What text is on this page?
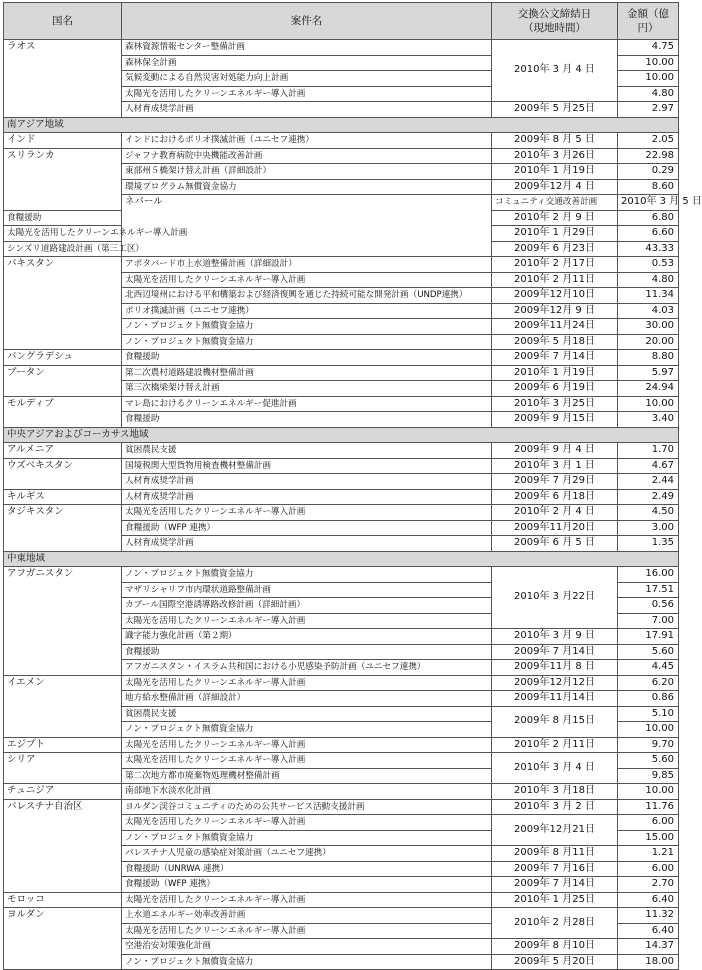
国名	案件名	交換公文締結日
（現地時間）	金額（億円）	
ラオス	森林資源情報センター整備計画	2010年 3 月 4 日	4.75	
	森林保全計画		10.00	
	気候変動による自然災害対処能力向上計画		10.00	
	太陽光を活用したクリーンエネルギー導入計画		4.80	
	人材育成奨学計画	2009年 5 月25日	2.97	
南アジア地域				
インド	インドにおけるポリオ撲滅計画（ユニセフ連携）	2009年 8 月 5 日	2.05	
スリランカ	ジャフナ教育病院中央機能改善計画	2010年 3 月26日	22.98	
	東部州５橋架け替え計画（詳細設計）	2010年 1 月19日	0.29	
	環境プログラム無償資金協力	2009年12月 4 日	8.60	
	ネパール	コミュニティ交通改善計画	2010年 3 月 5 日	
食糧援助		2010年 2 月 9 日	6.80	
太陽光を活用したクリーンエネルギー導入計画		2010年 1 月29日	6.60	
シンズリ道路建設計画（第三工区）		2009年 6 月23日	43.33	
パキスタン	アボタバード市上水道整備計画（詳細設計）	2010年 2 月17日	0.53	
	太陽光を活用したクリーンエネルギー導入計画	2010年 2 月11日	4.80	
	北西辺境州における平和構築および経済復興を通じた持続可能な開発計画（UNDP連携）	2009年12月10日	11.34	
	ポリオ撲滅計画（ユニセフ連携）	2009年12月 9 日	4.03	
	ノン・プロジェクト無償資金協力	2009年11月24日	30.00	
	ノン・プロジェクト無償資金協力	2009年 5 月18日	20.00	
バングラデシュ	食糧援助	2009年 7 月14日	8.80	
ブータン	第二次農村道路建設機材整備計画	2010年 1 月19日	5.97	
	第三次橋梁架け替え計画	2009年 6 月19日	24.94	
モルディブ	マレ島におけるクリーンエネルギー促進計画	2010年 3 月25日	10.00	
	食糧援助	2009年 9 月15日	3.40	
中央アジアおよびコーカサス地域				
アルメニア	貧困農民支援	2009年 9 月 4 日	1.70	
ウズベキスタン	国境税関大型貨物用検査機材整備計画	2010年 3 月 1 日	4.67	
	人材育成奨学計画	2009年 7 月29日	2.44	
キルギス	人材育成奨学計画	2009年 6 月18日	2.49	
タジキスタン	太陽光を活用したクリーンエネルギー導入計画	2010年 2 月 4 日	4.50	
	食糧援助（WFP 連携）	2009年11月20日	3.00	
	人材育成奨学計画	2009年 6 月 5 日	1.35	
中東地域				
アフガニスタン	ノン・プロジェクト無償資金協力	2010年 3 月22日	16.00	
	マザリシャリフ市内環状道路整備計画		17.51	
	カブール国際空港誘導路改修計画（詳細計画）		0.56	
	太陽光を活用したクリーンエネルギー導入計画		7.00	
	識字能力強化計画（第２期）	2010年 3 月 9 日	17.91	
	食糧援助	2009年 7 月14日	5.60	
	アフガニスタン・イスラム共和国における小児感染予防計画（ユニセフ連携）	2009年11月 8 日	4.45	
イエメン	太陽光を活用したクリーンエネルギー導入計画	2009年12月12日	6.20	
	地方給水整備計画（詳細設計）	2009年11月14日	0.86	
	貧困農民支援	2009年 8 月15日	5.10	
	ノン・プロジェクト無償資金協力		10.00	
エジプト	太陽光を活用したクリーンエネルギー導入計画	2010年 2 月11日	9.70	
シリア	太陽光を活用したクリーンエネルギー導入計画	2010年 3 月 4 日	5.60	
	第二次地方都市廃棄物処理機材整備計画		9.85	
チュニジア	南部地下水淡水化計画	2010年 3 月18日	10.00	
パレスチナ自治区	ヨルダン渓谷コミュニティのための公共サービス活動支援計画	2010年 3 月 2 日	11.76	
	太陽光を活用したクリーンエネルギー導入計画	2009年12月21日	6.00	
	ノン・プロジェクト無償資金協力		15.00	
	パレスチナ人児童の感染症対策計画（ユニセフ連携）	2009年 8 月11日	1.21	
	食糧援助（UNRWA 連携）	2009年 7 月16日	6.00	
	食糧援助（WFP 連携）	2009年 7 月14日	2.70	
モロッコ	太陽光を活用したクリーンエネルギー導入計画	2010年 1 月25日	6.40	
ヨルダン	上水道エネルギー効率改善計画	2010年 2 月28日	11.32	
	太陽光を活用したクリーンエネルギー導入計画		6.40	
	空港治安対策強化計画	2009年 8 月10日	14.37	
	ノン・プロジェクト無償資金協力	2009年 5 月20日	18.00	
